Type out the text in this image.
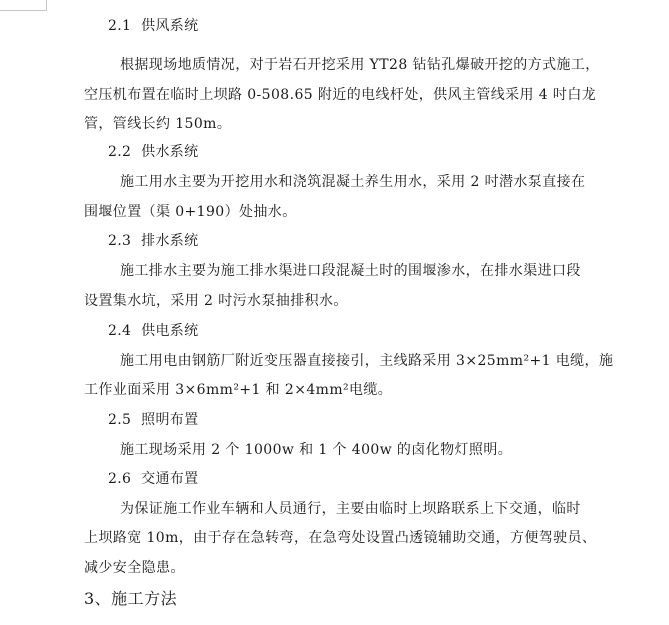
2.1 供风系统
根据现场地质情况，对于岩石开挖采用 YT28 钻钻孔爆破开挖的方式施工，
空压机布置在临时上坝路 0-508.65 附近的电线杆处，供风主管线采用 4 吋白龙
管，管线长约 150m。
2.2 供水系统
施工用水主要为开挖用水和浇筑混凝土养生用水，采用 2 吋潜水泵直接在
围堰位置（渠 0+190）处抽水。
2.3 排水系统
施工排水主要为施工排水渠进口段混凝土时的围堰渗水，在排水渠进口段
设置集水坑，采用 2 吋污水泵抽排积水。
2.4 供电系统
施工用电由钢筋厂附近变压器直接接引，主线路采用 3×25mm²+1 电缆，施
工作业面采用 3×6mm²+1 和 2×4mm²电缆。
2.5 照明布置
施工现场采用 2 个 1000w 和 1 个 400w 的卤化物灯照明。
2.6 交通布置
为保证施工作业车辆和人员通行，主要由临时上坝路联系上下交通，临时
上坝路宽 10m，由于存在急转弯，在急弯处设置凸透镜辅助交通，方便驾驶员、
减少安全隐患。
3、施工方法
